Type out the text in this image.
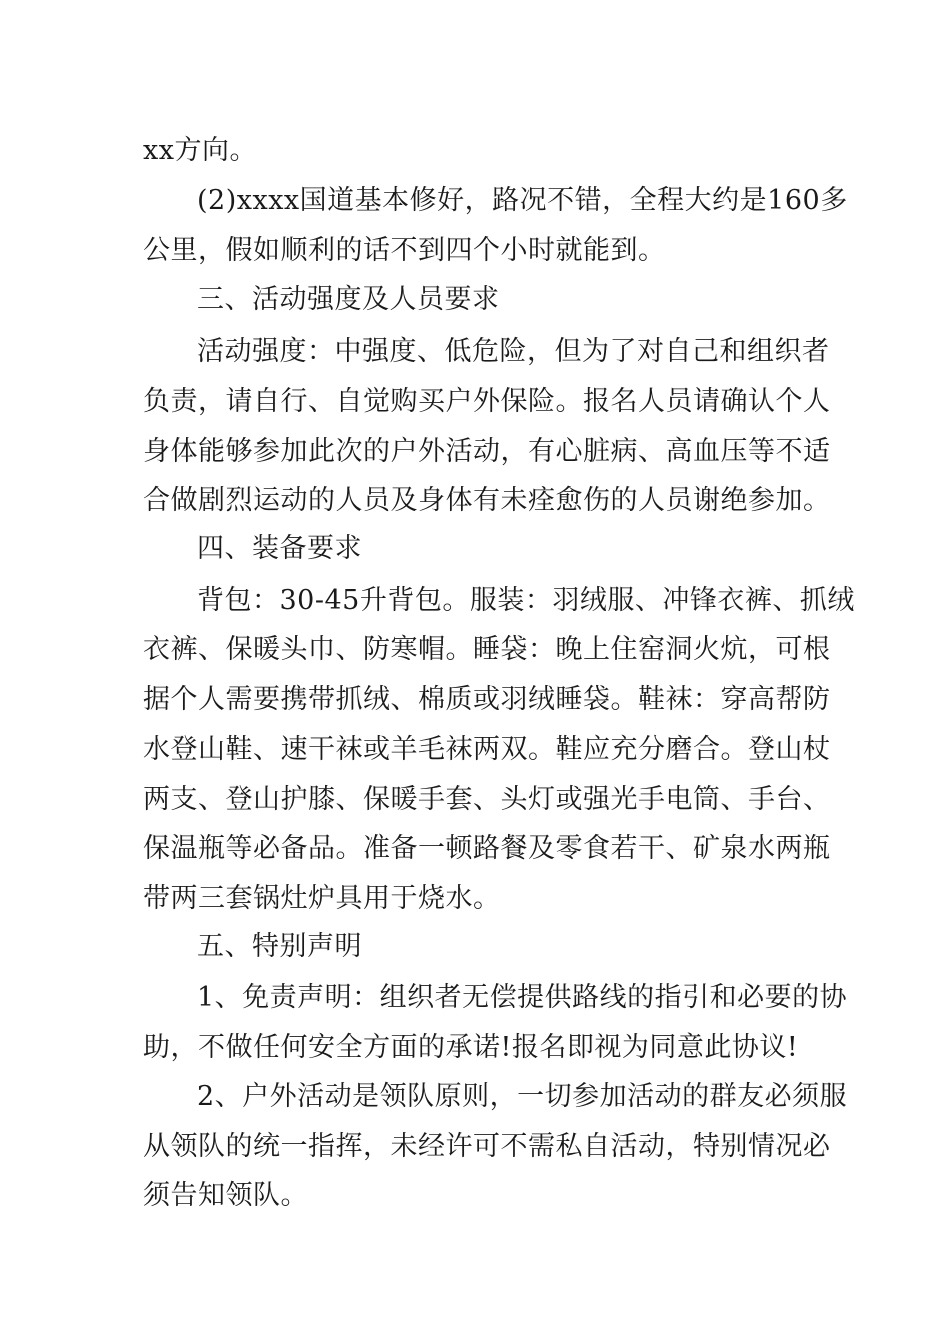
xx方向。
(2)xxxx国道基本修好，路况不错，全程大约是160多
公里，假如顺利的话不到四个小时就能到。
三、活动强度及人员要求
活动强度：中强度、低危险，但为了对自己和组织者
负责，请自行、自觉购买户外保险。报名人员请确认个人
身体能够参加此次的户外活动，有心脏病、高血压等不适
合做剧烈运动的人员及身体有未痊愈伤的人员谢绝参加。
四、装备要求
背包：30-45升背包。服装：羽绒服、冲锋衣裤、抓绒
衣裤、保暖头巾、防寒帽。睡袋：晚上住窑洞火炕，可根
据个人需要携带抓绒、棉质或羽绒睡袋。鞋袜：穿高帮防
水登山鞋、速干袜或羊毛袜两双。鞋应充分磨合。登山杖
两支、登山护膝、保暖手套、头灯或强光手电筒、手台、
保温瓶等必备品。准备一顿路餐及零食若干、矿泉水两瓶
带两三套锅灶炉具用于烧水。
五、特别声明
1、免责声明：组织者无偿提供路线的指引和必要的协
助，不做任何安全方面的承诺!报名即视为同意此协议!
2、户外活动是领队原则，一切参加活动的群友必须服
从领队的统一指挥，未经许可不需私自活动，特别情况必
须告知领队。
